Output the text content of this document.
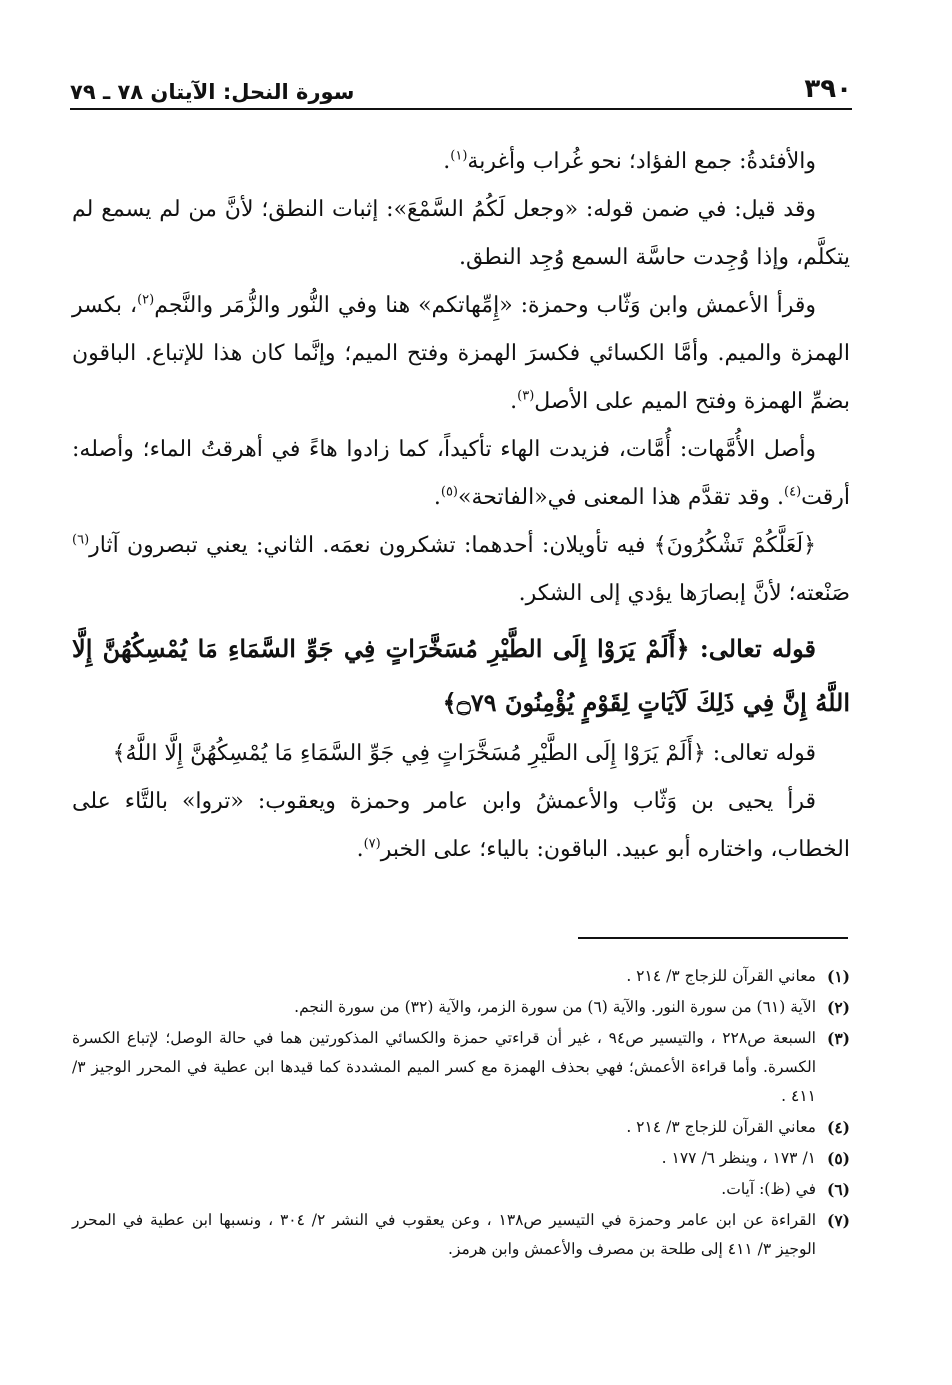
٣٩٠
سورة النحل: الآيتان ٧٨ ـ ٧٩

والأفئدةُ: جمع الفؤاد؛ نحو غُراب وأغربة$^{(١)}$.

وقد قيل: في ضمن قوله: «وجعل لَكُمُ السَّمْعَ»: إثبات النطق؛ لأنَّ من لم يسمع لم يتكلَّم، وإذا وُجِدت حاسَّة السمع وُجِد النطق.

وقرأ الأعمش وابن وَثّاب وحمزة: «إِمِّهاتكم» هنا وفي النُّور والزُّمَر والنَّجم$^{(٢)}$، بكسر الهمزة والميم. وأمَّا الكسائي فكسرَ الهمزة وفتح الميم؛ وإنَّما كان هذا للإتباع. الباقون بضمِّ الهمزة وفتح الميم على الأصل$^{(٣)}$.

وأصل الأُمَّهات: أُمَّات، فزيدت الهاء تأكيداً، كما زادوا هاءً في أهرقتُ الماء؛ وأصله: أرقت$^{(٤)}$. وقد تقدَّم هذا المعنى في«الفاتحة»$^{(٥)}$.

﴿لَعَلَّكُمْ تَشْكُرُونَ﴾ فيه تأويلان: أحدهما: تشكرون نعمَه. الثاني: يعني تبصرون آثار$^{(٦)}$ صَنْعته؛ لأنَّ إبصارَها يؤدي إلى الشكر.

قوله تعالى: ﴿أَلَمْ يَرَوْا إِلَى الطَّيْرِ مُسَخَّرَاتٍ فِي جَوِّ السَّمَاءِ مَا يُمْسِكُهُنَّ إِلَّا اللَّهُ إِنَّ فِي ذَلِكَ لَآيَاتٍ لِقَوْمٍ يُؤْمِنُونَ ۝٧٩﴾

قوله تعالى: ﴿أَلَمْ يَرَوْا إِلَى الطَّيْرِ مُسَخَّرَاتٍ فِي جَوِّ السَّمَاءِ مَا يُمْسِكُهُنَّ إِلَّا اللَّهُ﴾

قرأ يحيى بن وَثّاب والأعمشُ وابن عامر وحمزة ويعقوب: «تروا» بالتَّاء على الخطاب، واختاره أبو عبيد. الباقون: بالياء؛ على الخبر$^{(٧)}$.

(١)
معاني القرآن للزجاج ٣/ ٢١٤ .

(٢)
الآية (٦١) من سورة النور. والآية (٦) من سورة الزمر، والآية (٣٢) من سورة النجم.

(٣)
السبعة ص٢٢٨ ، والتيسير ص٩٤ ، غير أن قراءتي حمزة والكسائي المذكورتين هما في حالة الوصل؛ لإتباع الكسرة الكسرة. وأما قراءة الأعمش؛ فهي بحذف الهمزة مع كسر الميم المشددة كما قيدها ابن عطية في المحرر الوجيز ٣/ ٤١١ .

(٤)
معاني القرآن للزجاج ٣/ ٢١٤ .

(٥)
١/ ١٧٣ ، وينظر ٦/ ١٧٧ .

(٦)
في (ظ): آيات.

(٧)
القراءة عن ابن عامر وحمزة في التيسير ص١٣٨ ، وعن يعقوب في النشر ٢/ ٣٠٤ ، ونسبها ابن عطية في المحرر الوجيز ٣/ ٤١١ إلى طلحة بن مصرف والأعمش وابن هرمز.
